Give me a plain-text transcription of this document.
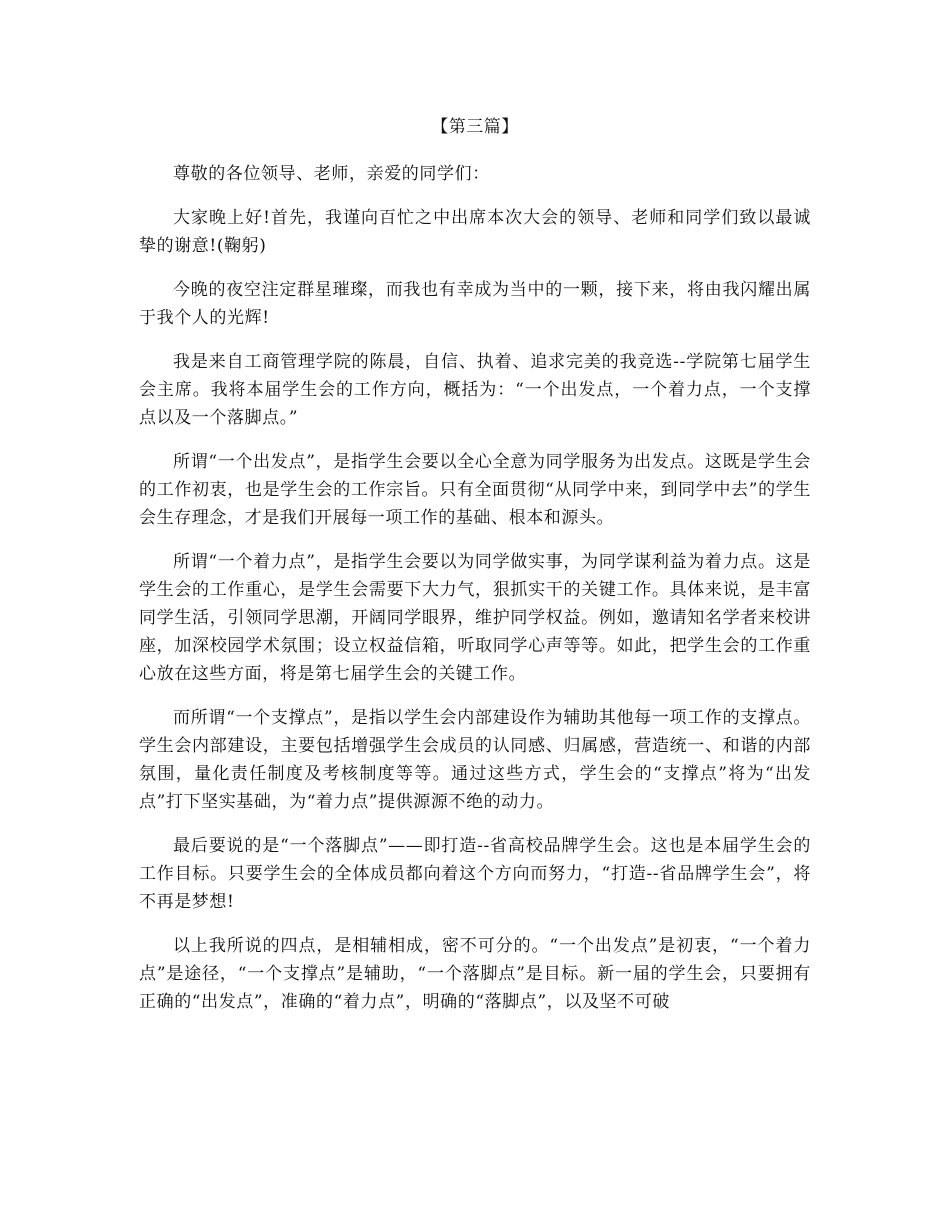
【第三篇】

尊敬的各位领导、老师，亲爱的同学们：

大家晚上好!首先，我谨向百忙之中出席本次大会的领导、老师和同学们致以最诚挚的谢意!(鞠躬)

今晚的夜空注定群星璀璨，而我也有幸成为当中的一颗，接下来，将由我闪耀出属于我个人的光辉!

我是来自工商管理学院的陈晨，自信、执着、追求完美的我竞选--学院第七届学生会主席。我将本届学生会的工作方向，概括为：“一个出发点，一个着力点，一个支撑点以及一个落脚点。”

所谓“一个出发点”，是指学生会要以全心全意为同学服务为出发点。这既是学生会的工作初衷，也是学生会的工作宗旨。只有全面贯彻“从同学中来，到同学中去”的学生会生存理念，才是我们开展每一项工作的基础、根本和源头。

所谓“一个着力点”，是指学生会要以为同学做实事，为同学谋利益为着力点。这是学生会的工作重心，是学生会需要下大力气，狠抓实干的关键工作。具体来说，是丰富同学生活，引领同学思潮，开阔同学眼界，维护同学权益。例如，邀请知名学者来校讲座，加深校园学术氛围；设立权益信箱，听取同学心声等等。如此，把学生会的工作重心放在这些方面，将是第七届学生会的关键工作。

而所谓“一个支撑点”，是指以学生会内部建设作为辅助其他每一项工作的支撑点。学生会内部建设，主要包括增强学生会成员的认同感、归属感，营造统一、和谐的内部氛围，量化责任制度及考核制度等等。通过这些方式，学生会的“支撑点”将为“出发点”打下坚实基础，为“着力点”提供源源不绝的动力。

最后要说的是“一个落脚点”——即打造--省高校品牌学生会。这也是本届学生会的工作目标。只要学生会的全体成员都向着这个方向而努力，“打造--省品牌学生会”，将不再是梦想!

以上我所说的四点，是相辅相成，密不可分的。“一个出发点”是初衷，“一个着力点”是途径，“一个支撑点”是辅助，“一个落脚点”是目标。新一届的学生会，只要拥有正确的“出发点”，准确的“着力点”，明确的“落脚点”，以及坚不可破
